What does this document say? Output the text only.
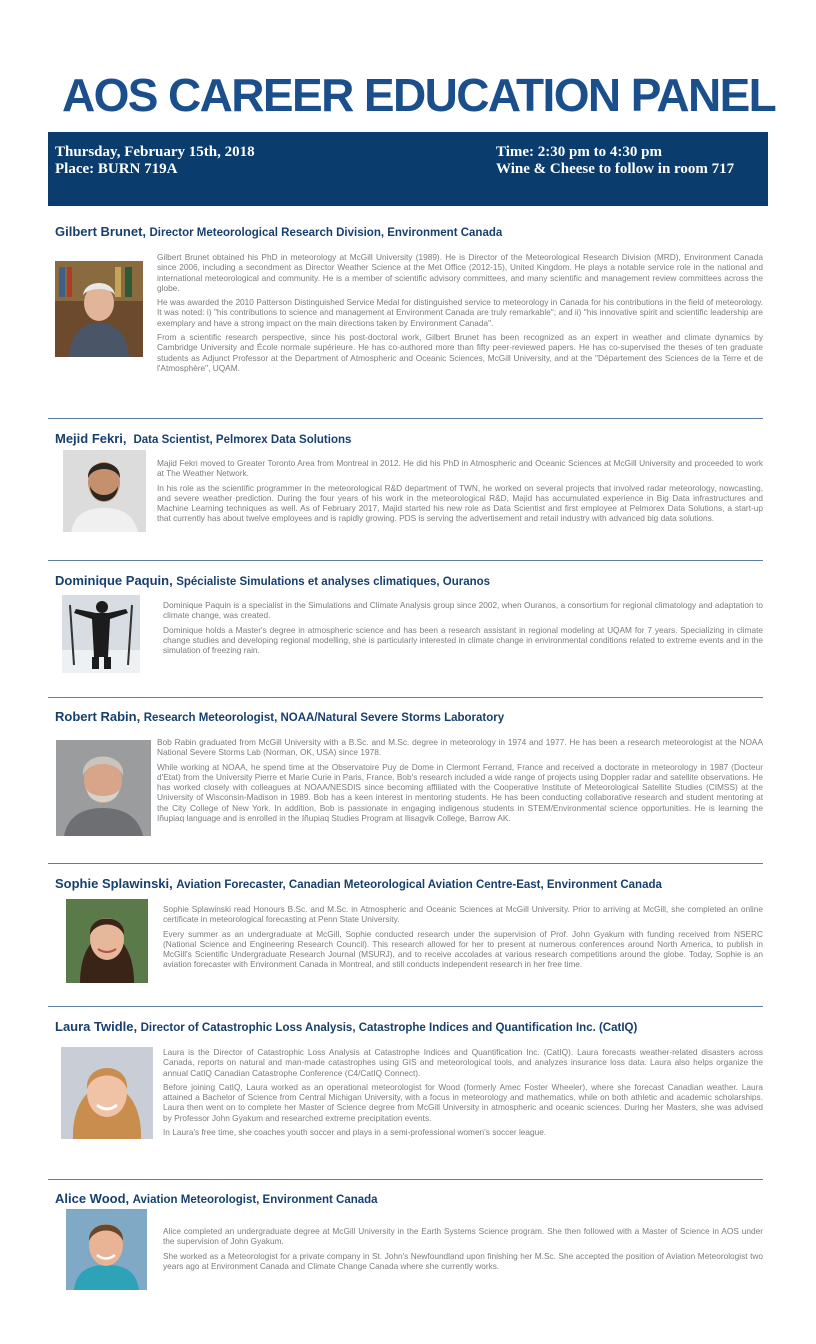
AOS CAREER EDUCATION PANEL
Thursday, February 15th, 2018
Place: BURN 719A
Time: 2:30 pm to 4:30 pm
Wine & Cheese to follow in room 717
Gilbert Brunet, Director Meteorological Research Division, Environment Canada

Gilbert Brunet obtained his PhD in meteorology at McGill University (1989). He is Director of the Meteorological Research Division (MRD), Environment Canada since 2006, including a secondment as Director Weather Science at the Met Office (2012-15), United Kingdom. He plays a notable service role in the national and international meteorological and community. He is a member of scientific advisory committees, and many scientific and management review committees across the globe.

He was awarded the 2010 Patterson Distinguished Service Medal for distinguished service to meteorology in Canada for his contributions in the field of meteorology. It was noted: i) "his contributions to science and management at Environment Canada are truly remarkable"; and ii) "his innovative spirit and scientific leadership are exemplary and have a strong impact on the main directions taken by Environment Canada".

From a scientific research perspective, since his post-doctoral work, Gilbert Brunet has been recognized as an expert in weather and climate dynamics by Cambridge University and École normale supérieure. He has co-authored more than fifty peer-reviewed papers. He has co-supervised the theses of ten graduate students as Adjunct Professor at the Department of Atmospheric and Oceanic Sciences, McGill University, and at the "Département des Sciences de la Terre et de l'Atmosphère", UQAM.

Mejid Fekri, Data Scientist, Pelmorex Data Solutions

Majid Fekri moved to Greater Toronto Area from Montreal in 2012. He did his PhD in Atmospheric and Oceanic Sciences at McGill University and proceeded to work at The Weather Network.

In his role as the scientific programmer in the meteorological R&D department of TWN, he worked on several projects that involved radar meteorology, nowcasting, and severe weather prediction. During the four years of his work in the meteorological R&D, Majid has accumulated experience in Big Data infrastructures and Machine Learning techniques as well. As of February 2017, Majid started his new role as Data Scientist and first employee at Pelmorex Data Solutions, a start-up that currently has about twelve employees and is rapidly growing. PDS is serving the advertisement and retail industry with advanced big data solutions.

Dominique Paquin, Spécialiste Simulations et analyses climatiques, Ouranos

Dominique Paquin is a specialist in the Simulations and Climate Analysis group since 2002, when Ouranos, a consortium for regional climatology and adaptation to climate change, was created.

Dominique holds a Master's degree in atmospheric science and has been a research assistant in regional modeling at UQAM for 7 years. Specializing in climate change studies and developing regional modelling, she is particularly interested in climate change in environmental conditions related to extreme events and in the simulation of freezing rain.

Robert Rabin, Research Meteorologist, NOAA/Natural Severe Storms Laboratory

Bob Rabin graduated from McGill University with a B.Sc. and M.Sc. degree in meteorology in 1974 and 1977. He has been a research meteorologist at the NOAA National Severe Storms Lab (Norman, OK, USA) since 1978.

While working at NOAA, he spend time at the Observatoire Puy de Dome in Clermont Ferrand, France and received a doctorate in meteorology in 1987 (Docteur d'Etat) from the University Pierre et Marie Curie in Paris, France. Bob's research included a wide range of projects using Doppler radar and satellite observations. He has worked closely with colleagues at NOAA/NESDIS since becoming affiliated with the Cooperative Institute of Meteorological Satellite Studies (CIMSS) at the University of Wisconsin-Madison in 1989. Bob has a keen interest in mentoring students. He has been conducting collaborative research and student mentoring at the City College of New York. In addition, Bob is passionate in engaging indigenous students in STEM/Environmental science opportunities. He is learning the Iñupiaq language and is enrolled in the Iñupiaq Studies Program at Ilisagvik College, Barrow AK.

Sophie Splawinski, Aviation Forecaster, Canadian Meteorological Aviation Centre-East, Environment Canada

Sophie Splawinski read Honours B.Sc. and M.Sc. in Atmospheric and Oceanic Sciences at McGill University. Prior to arriving at McGill, she completed an online certificate in meteorological forecasting at Penn State University.

Every summer as an undergraduate at McGill, Sophie conducted research under the supervision of Prof. John Gyakum with funding received from NSERC (National Science and Engineering Research Council). This research allowed for her to present at numerous conferences around North America, to publish in McGill's Scientific Undergraduate Research Journal (MSURJ), and to receive accolades at various research competitions around the globe. Today, Sophie is an aviation forecaster with Environment Canada in Montreal, and still conducts independent research in her free time.

Laura Twidle, Director of Catastrophic Loss Analysis, Catastrophe Indices and Quantification Inc. (CatIQ)

Laura is the Director of Catastrophic Loss Analysis at Catastrophe Indices and Quantification Inc. (CatIQ). Laura forecasts weather-related disasters across Canada, reports on natural and man-made catastrophes using GIS and meteorological tools, and analyzes insurance loss data. Laura also helps organize the annual CatIQ Canadian Catastrophe Conference (C4/CatIQ Connect).

Before joining CatIQ, Laura worked as an operational meteorologist for Wood (formerly Amec Foster Wheeler), where she forecast Canadian weather. Laura attained a Bachelor of Science from Central Michigan University, with a focus in meteorology and mathematics, while on both athletic and academic scholarships. Laura then went on to complete her Master of Science degree from McGill University in atmospheric and oceanic sciences. During her Masters, she was advised by Professor John Gyakum and researched extreme precipitation events.

In Laura's free time, she coaches youth soccer and plays in a semi-professional women's soccer league.

Alice Wood, Aviation Meteorologist, Environment Canada

Alice completed an undergraduate degree at McGill University in the Earth Systems Science program. She then followed with a Master of Science in AOS under the supervision of John Gyakum.

She worked as a Meteorologist for a private company in St. John's Newfoundland upon finishing her M.Sc. She accepted the position of Aviation Meteorologist two years ago at Environment Canada and Climate Change Canada where she currently works.
